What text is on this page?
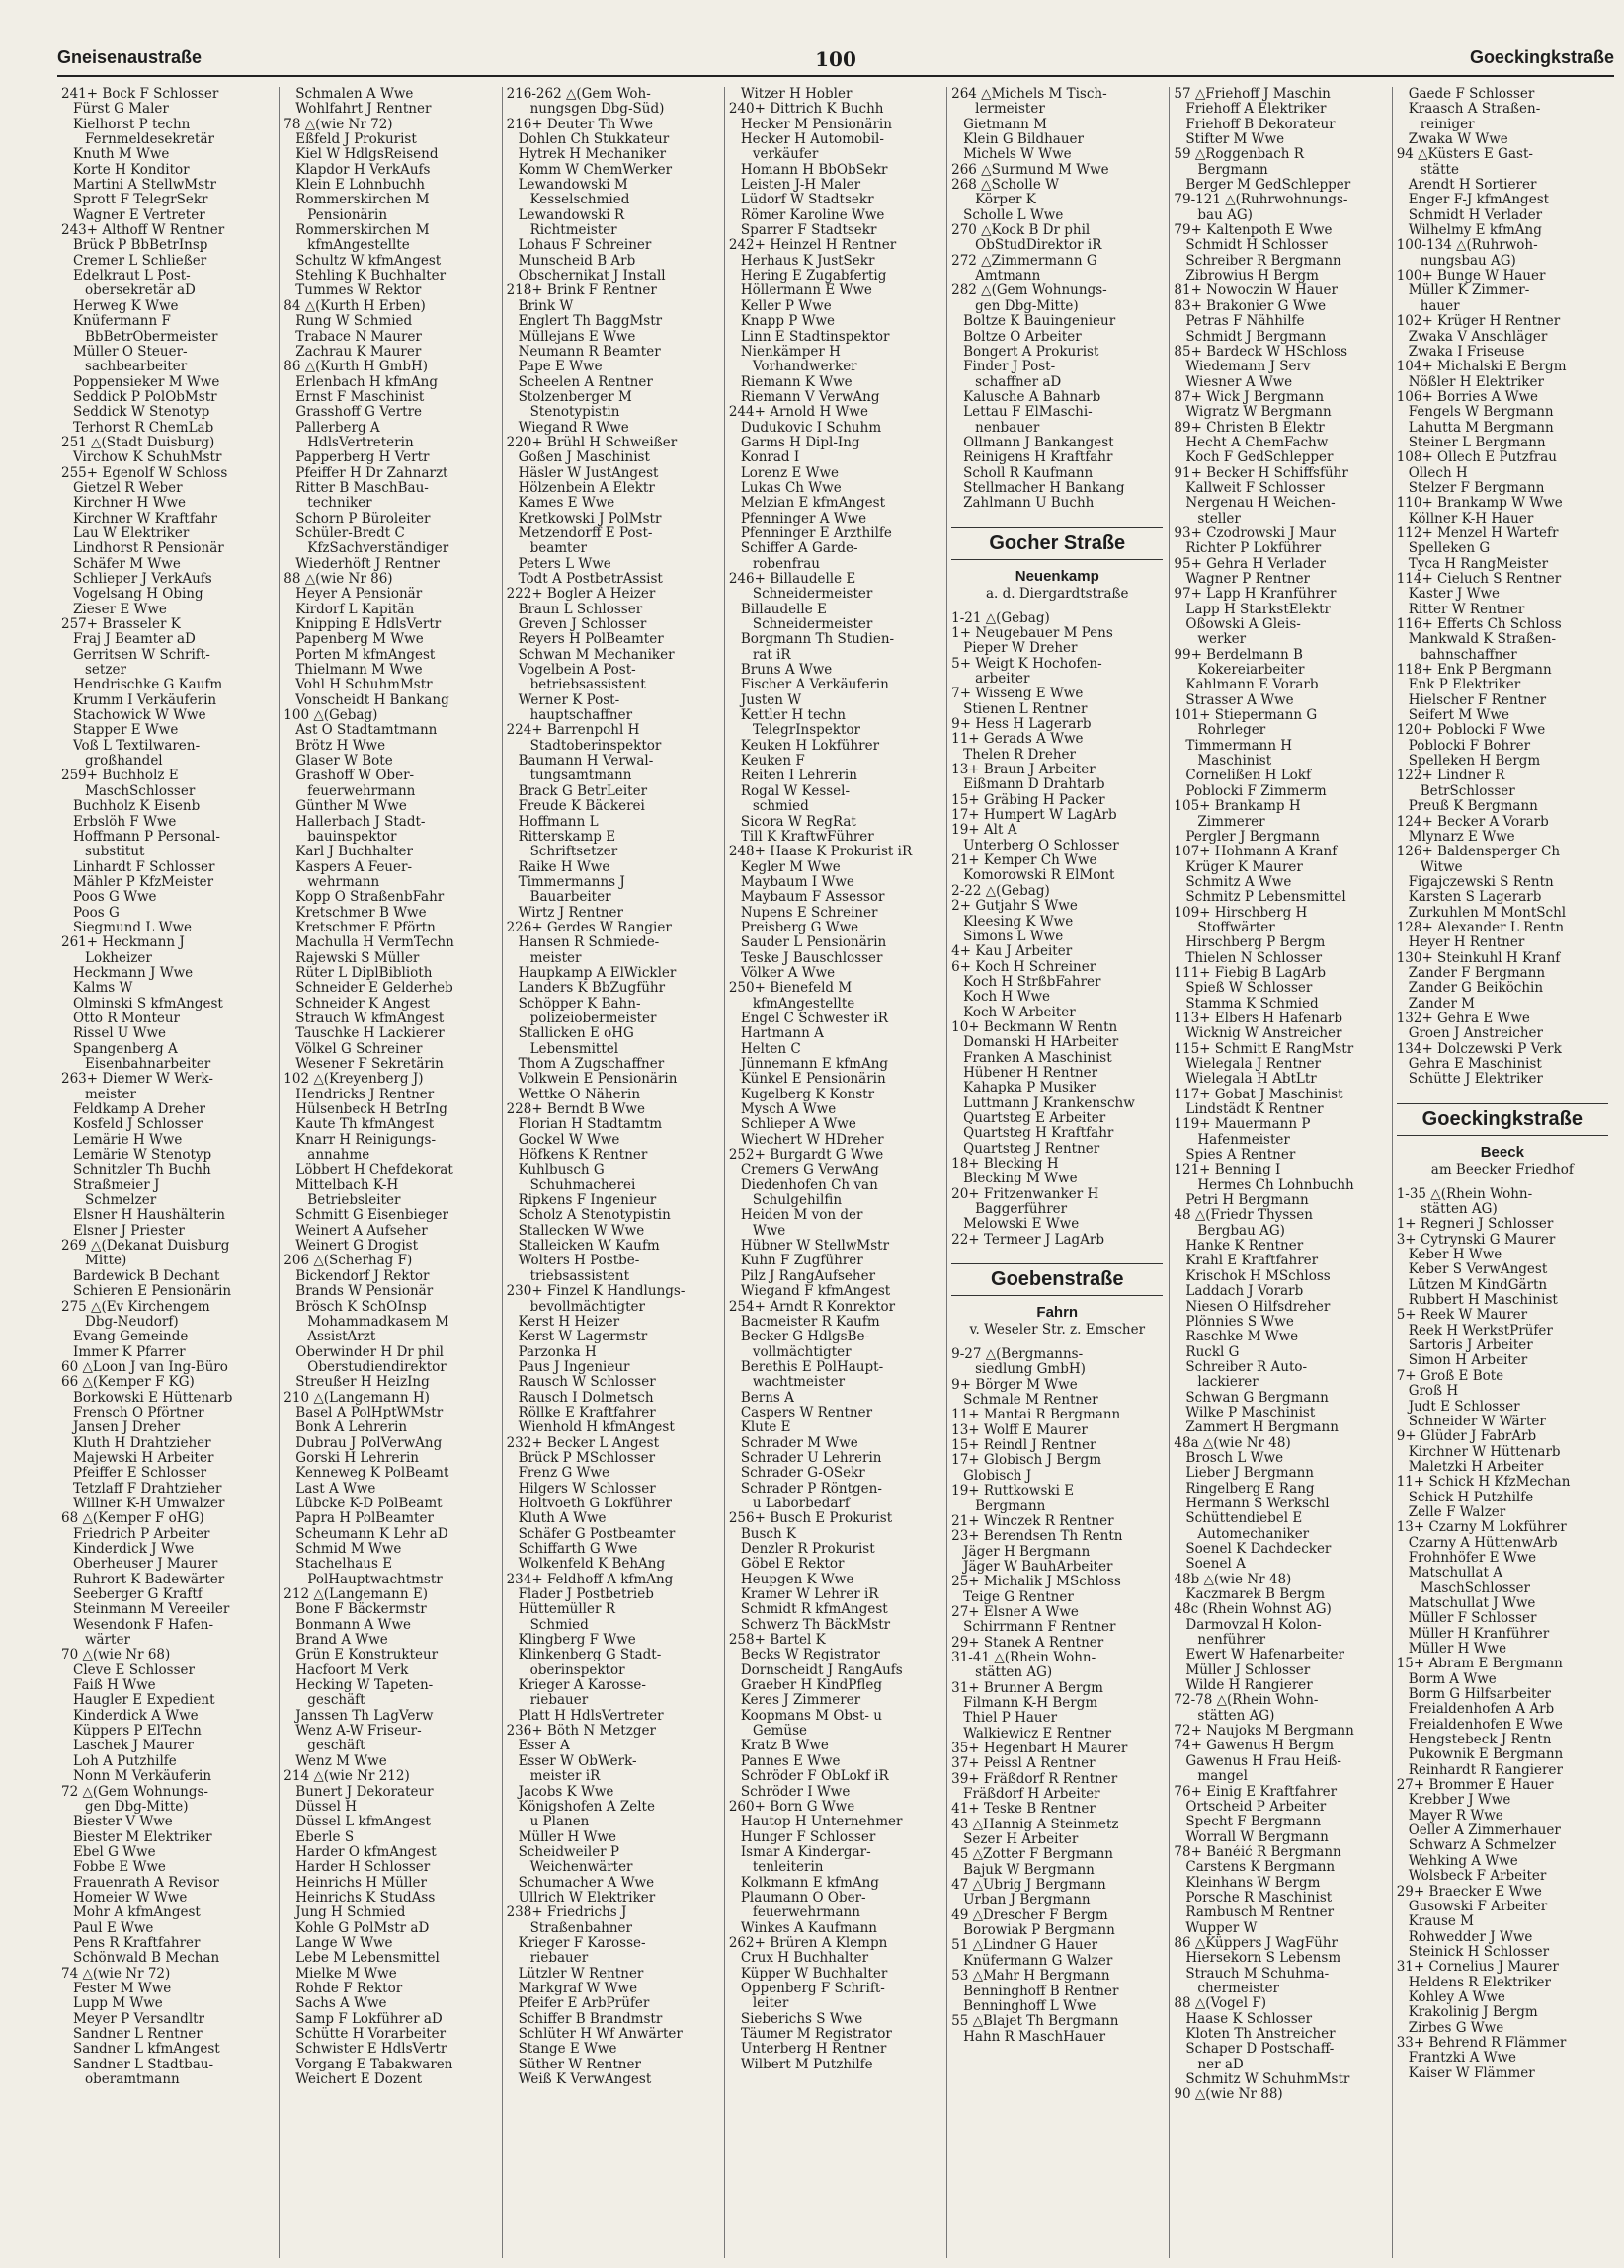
Gneisenaustraße	100	Goeckingkstraße
241+ Bock F Schlosser
Fürst G Maler
Kielhorst P techn
Fernmeldesekretär
Knuth M Wwe
Korte H Konditor
Martini A StellwMstr
Sprott F TelegrSekr
Wagner E Vertreter
243+ Althoff W Rentner
Brück P BbBetrInsp
Cremer L Schließer
Edelkraut L Post-
obersekretär aD
Herweg K Wwe
Knüfermann F
BbBetrObermeister
Müller O Steuer-
sachbearbeiter
Poppensieker M Wwe
Seddick P PolObMstr
Seddick W Stenotyp
Terhorst R ChemLab
251 △(Stadt Duisburg)
Virchow K SchuhMstr
255+ Egenolf W Schloss
Gietzel R Weber
Kirchner H Wwe
Kirchner W Kraftfahr
Lau W Elektriker
Lindhorst R Pensionär
Schäfer M Wwe
Schlieper J VerkAufs
Vogelsang H Obing
Zieser E Wwe
257+ Brasseler K
Fraj J Beamter aD
Gerritsen W Schrift-
setzer
Hendrischke G Kaufm
Krumm I Verkäuferin
Stachowick W Wwe
Stapper E Wwe
Voß L Textilwaren-
großhandel
259+ Buchholz E
MaschSchlosser
Buchholz K Eisenb
Erbslöh F Wwe
Hoffmann P Personal-
substitut
Linhardt F Schlosser
Mähler P KfzMeister
Poos G Wwe
Poos G
Siegmund L Wwe
261+ Heckmann J
Lokheizer
Heckmann J Wwe
Kalms W
Olminski S kfmAngest
Otto R Monteur
Rissel U Wwe
Spangenberg A
Eisenbahnarbeiter
263+ Diemer W Werk-
meister
Feldkamp A Dreher
Kosfeld J Schlosser
Lemärie H Wwe
Lemärie W Stenotyp
Schnitzler Th Buchh
Straßmeier J
Schmelzer
Elsner H Haushälterin
Elsner J Priester
269 △(Dekanat Duisburg
Mitte)
Bardewick B Dechant
Schieren E Pensionärin
275 △(Ev Kirchengem
Dbg-Neudorf)
Evang Gemeinde
Immer K Pfarrer
60 △Loon J van Ing-Büro
66 △(Kemper F KG)
Borkowski E Hüttenarb
Frensch O Pförtner
Jansen J Dreher
Kluth H Drahtzieher
Majewski H Arbeiter
Pfeiffer E Schlosser
Tetzlaff F Drahtzieher
Willner K-H Umwalzer
68 △(Kemper F oHG)
Friedrich P Arbeiter
Kinderdick J Wwe
Oberheuser J Maurer
Ruhrort K Badewärter
Seeberger G Kraftf
Steinmann M Vereeiler
Wesendonk F Hafen-
wärter
70 △(wie Nr 68)
Cleve E Schlosser
Faiß H Wwe
Haugler E Expedient
Kinderdick A Wwe
Küppers P ElTechn
Laschek J Maurer
Loh A Putzhilfe
Nonn M Verkäuferin
72 △(Gem Wohnungs-
gen Dbg-Mitte)
Biester V Wwe
Biester M Elektriker
Ebel G Wwe
Fobbe E Wwe
Frauenrath A Revisor
Homeier W Wwe
Mohr A kfmAngest
Paul E Wwe
Pens R Kraftfahrer
Schönwald B Mechan
74 △(wie Nr 72)
Fester M Wwe
Lupp M Wwe
Meyer P Versandltr
Sandner L Rentner
Sandner L kfmAngest
Sandner L Stadtbau-
oberamtmann
Schmalen A Wwe
Wohlfahrt J Rentner
78 △(wie Nr 72)
Eßfeld J Prokurist
Kiel W HdlgsReisend
Klapdor H VerkAufs
Klein E Lohnbuchh
Rommerskirchen M
Pensionärin
Rommerskirchen M
kfmAngestellte
Schultz W kfmAngest
Stehling K Buchhalter
Tummes W Rektor
84 △(Kurth H Erben)
Rung W Schmied
Trabace N Maurer
Zachrau K Maurer
86 △(Kurth H GmbH)
Erlenbach H kfmAng
Ernst F Maschinist
Grasshoff G Vertre
Pallerberg A
HdlsVertreterin
Papperberg H Vertr
Pfeiffer H Dr Zahnarzt
Ritter B MaschBau-
techniker
Schorn P Büroleiter
Schüler-Bredt C
KfzSachverständiger
Wiederhöft J Rentner
88 △(wie Nr 86)
Heyer A Pensionär
Kirdorf L Kapitän
Knipping E HdlsVertr
Papenberg M Wwe
Porten M kfmAngest
Thielmann M Wwe
Vohl H SchuhmMstr
Vonscheidt H Bankang
100 △(Gebag)
Ast O Stadtamtmann
Brötz H Wwe
Glaser W Bote
Grashoff W Ober-
feuerwehrmann
Günther M Wwe
Hallerbach J Stadt-
bauinspektor
Karl J Buchhalter
Kaspers A Feuer-
wehrmann
Kopp O StraßenbFahr
Kretschmer B Wwe
Kretschmer E Pförtn
Machulla H VermTechn
Rajewski S Müller
Rüter L DiplBiblioth
Schneider E Gelderheb
Schneider K Angest
Strauch W kfmAngest
Tauschke H Lackierer
Völkel G Schreiner
Wesener F Sekretärin
102 △(Kreyenberg J)
Hendricks J Rentner
Hülsenbeck H BetrIng
Kaute Th kfmAngest
Knarr H Reinigungs-
annahme
Löbbert H Chefdekorat
Mittelbach K-H
Betriebsleiter
Schmitt G Eisenbieger
Weinert A Aufseher
Weinert G Drogist
206 △(Scherhag F)
Bickendorf J Rektor
Brands W Pensionär
Brösch K SchOInsp
Mohammadkasem M
AssistArzt
Oberwinder H Dr phil
Oberstudiendirektor
Streußer H HeizIng
210 △(Langemann H)
Basel A PolHptWMstr
Bonk A Lehrerin
Dubrau J PolVerwAng
Gorski H Lehrerin
Kenneweg K PolBeamt
Last A Wwe
Lübcke K-D PolBeamt
Papra H PolBeamter
Scheumann K Lehr aD
Schmid M Wwe
Stachelhaus E
PolHauptwachtmstr
212 △(Langemann E)
Bone F Bäckermstr
Bonmann A Wwe
Brand A Wwe
Grün E Konstrukteur
Hacfoort M Verk
Hecking W Tapeten-
geschäft
Janssen Th LagVerw
Wenz A-W Friseur-
geschäft
Wenz M Wwe
214 △(wie Nr 212)
Bunert J Dekorateur
Düssel H
Düssel L kfmAngest
Eberle S
Harder O kfmAngest
Harder H Schlosser
Heinrichs H Müller
Heinrichs K StudAss
Jung H Schmied
Kohle G PolMstr aD
Lange W Wwe
Lebe M Lebensmittel
Mielke M Wwe
Rohde F Rektor
Sachs A Wwe
Samp F Lokführer aD
Schütte H Vorarbeiter
Schwister E HdlsVertr
Vorgang E Tabakwaren
Weichert E Dozent
216-262 △(Gem Woh-
nungsgen Dbg-Süd)
216+ Deuter Th Wwe
Dohlen Ch Stukkateur
Hytrek H Mechaniker
Komm W ChemWerker
Lewandowski M
Kesselschmied
Lewandowski R
Richtmeister
Lohaus F Schreiner
Munscheid B Arb
Obschernikat J Install
218+ Brink F Rentner
Brink W
Englert Th BaggMstr
Müllejans E Wwe
Neumann R Beamter
Pape E Wwe
Scheelen A Rentner
Stolzenberger M
Stenotypistin
Wiegand R Wwe
220+ Brühl H Schweißer
Goßen J Maschinist
Häsler W JustAngest
Hölzenbein A Elektr
Kames E Wwe
Kretkowski J PolMstr
Metzendorff E Post-
beamter
Peters L Wwe
Todt A PostbetrAssist
222+ Bogler A Heizer
Braun L Schlosser
Greven J Schlosser
Reyers H PolBeamter
Schwan M Mechaniker
Vogelbein A Post-
betriebsassistent
Werner K Post-
hauptschaffner
224+ Barrenpohl H
Stadtoberinspektor
Baumann H Verwal-
tungsamtmann
Brack G BetrLeiter
Freude K Bäckerei
Hoffmann L
Ritterskamp E
Schriftsetzer
Raike H Wwe
Timmermanns J
Bauarbeiter
Wirtz J Rentner
226+ Gerdes W Rangier
Hansen R Schmiede-
meister
Haupkamp A ElWickler
Landers K BbZugführ
Schöpper K Bahn-
polizeiobermeister
Stallicken E oHG
Lebensmittel
Thom A Zugschaffner
Volkwein E Pensionärin
Wettke O Näherin
228+ Berndt B Wwe
Florian H Stadtamtm
Gockel W Wwe
Höfkens K Rentner
Kuhlbusch G
Schuhmacherei
Ripkens F Ingenieur
Scholz A Stenotypistin
Stallecken W Wwe
Stalleicken W Kaufm
Wolters H Postbe-
triebsassistent
230+ Finzel K Handlungs-
bevollmächtigter
Kerst H Heizer
Kerst W Lagermstr
Parzonka H
Paus J Ingenieur
Rausch W Schlosser
Rausch I Dolmetsch
Röllke E Kraftfahrer
Wienhold H kfmAngest
232+ Becker L Angest
Brück P MSchlosser
Frenz G Wwe
Hilgers W Schlosser
Holtvoeth G Lokführer
Kluth A Wwe
Schäfer G Postbeamter
Schiffarth G Wwe
Wolkenfeld K BehAng
234+ Feldhoff A kfmAng
Flader J Postbetrieb
Hüttemüller R
Schmied
Klingberg F Wwe
Klinkenberg G Stadt-
oberinspektor
Krieger A Karosse-
riebauer
Platt H HdlsVertreter
236+ Böth N Metzger
Esser A
Esser W ObWerk-
meister iR
Jacobs K Wwe
Königshofen A Zelte
u Planen
Müller H Wwe
Scheidweiler P
Weichenwärter
Schumacher A Wwe
Ullrich W Elektriker
238+ Friedrichs J
Straßenbahner
Krieger F Karosse-
riebauer
Lützler W Rentner
Markgraf W Wwe
Pfeifer E ArbPrüfer
Schiffer B Brandmstr
Schlüter H Wf Anwärter
Stange E Wwe
Süther W Rentner
Weiß K VerwAngest
Witzer H Hobler
240+ Dittrich K Buchh
Hecker M Pensionärin
Hecker H Automobil-
verkäufer
Homann H BbObSekr
Leisten J-H Maler
Lüdorf W Stadtsekr
Römer Karoline Wwe
Sparrer F Stadtsekr
242+ Heinzel H Rentner
Herhaus K JustSekr
Hering E Zugabfertig
Höllermann E Wwe
Keller P Wwe
Knapp P Wwe
Linn E Stadtinspektor
Nienkämper H
Vorhandwerker
Riemann K Wwe
Riemann V VerwAng
244+ Arnold H Wwe
Dudukovic I Schuhm
Garms H Dipl-Ing
Konrad I
Lorenz E Wwe
Lukas Ch Wwe
Melzian E kfmAngest
Pfenninger A Wwe
Pfenninger E Arzthilfe
Schiffer A Garde-
robenfrau
246+ Billaudelle E
Schneidermeister
Billaudelle E
Schneidermeister
Borgmann Th Studien-
rat iR
Bruns A Wwe
Fischer A Verkäuferin
Justen W
Kettler H techn
TelegrInspektor
Keuken H Lokführer
Keuken F
Reiten I Lehrerin
Rogal W Kessel-
schmied
Sicora W RegRat
Till K KraftwFührer
248+ Haase K Prokurist iR
Kegler M Wwe
Maybaum I Wwe
Maybaum F Assessor
Nupens E Schreiner
Preisberg G Wwe
Sauder L Pensionärin
Teske J Bauschlosser
Völker A Wwe
250+ Bienefeld M
kfmAngestellte
Engel C Schwester iR
Hartmann A
Helten C
Jünnemann E kfmAng
Künkel E Pensionärin
Kugelberg K Konstr
Mysch A Wwe
Schlieper A Wwe
Wiechert W HDreher
252+ Burgardt G Wwe
Cremers G VerwAng
Diedenhofen Ch van
Schulgehilfin
Heiden M von der
Wwe
Hübner W StellwMstr
Kuhn F Zugführer
Pilz J RangAufseher
Wiegand F kfmAngest
254+ Arndt R Konrektor
Bacmeister R Kaufm
Becker G HdlgsBe-
vollmächtigter
Berethis E PolHaupt-
wachtmeister
Berns A
Caspers W Rentner
Klute E
Schrader M Wwe
Schrader U Lehrerin
Schrader G-OSekr
Schrader P Röntgen-
u Laborbedarf
256+ Busch E Prokurist
Busch K
Denzler R Prokurist
Göbel E Rektor
Heupgen K Wwe
Kramer W Lehrer iR
Schmidt R kfmAngest
Schwerz Th BäckMstr
258+ Bartel K
Becks W Registrator
Dornscheidt J RangAufs
Graeber H KindPfleg
Keres J Zimmerer
Koopmans M Obst- u
Gemüse
Kratz B Wwe
Pannes E Wwe
Schröder F ObLokf iR
Schröder I Wwe
260+ Born G Wwe
Hautop H Unternehmer
Hunger F Schlosser
Ismar A Kindergar-
tenleiterin
Kolkmann E kfmAng
Plaumann O Ober-
feuerwehrmann
Winkes A Kaufmann
262+ Brüren A Klempn
Crux H Buchhalter
Küpper W Buchhalter
Oppenberg F Schrift-
leiter
Sieberichs S Wwe
Täumer M Registrator
Unterberg H Rentner
Wilbert M Putzhilfe
264 △Michels M Tisch-
lermeister
Gietmann M
Klein G Bildhauer
Michels W Wwe
266 △Surmund M Wwe
268 △Scholle W
Körper K
Scholle L Wwe
270 △Kock B Dr phil
ObStudDirektor iR
272 △Zimmermann G
Amtmann
282 △(Gem Wohnungs-
gen Dbg-Mitte)
Boltze K Bauingenieur
Boltze O Arbeiter
Bongert A Prokurist
Finder J Post-
schaffner aD
Kalusche A Bahnarb
Lettau F ElMaschi-
nenbauer
Ollmann J Bankangest
Reinigens H Kraftfahr
Scholl R Kaufmann
Stellmacher H Bankang
Zahlmann U Buchh
Gocher Straße
Neuenkamp
a. d. Diergardtstraße
1-21 △(Gebag)
1+ Neugebauer M Pens
Pieper W Dreher
5+ Weigt K Hochofen-
arbeiter
7+ Wisseng E Wwe
Stienen L Rentner
9+ Hess H Lagerarb
11+ Gerads A Wwe
Thelen R Dreher
13+ Braun J Arbeiter
Eißmann D Drahtarb
15+ Gräbing H Packer
17+ Humpert W LagArb
19+ Alt A
Unterberg O Schlosser
21+ Kemper Ch Wwe
Komorowski R ElMont
2-22 △(Gebag)
2+ Gutjahr S Wwe
Kleesing K Wwe
Simons L Wwe
4+ Kau J Arbeiter
6+ Koch H Schreiner
Koch H StrßbFahrer
Koch H Wwe
Koch W Arbeiter
10+ Beckmann W Rentn
Domanski H HArbeiter
Franken A Maschinist
Hübener H Rentner
Kahapka P Musiker
Luttmann J Krankenschw
Quartsteg E Arbeiter
Quartsteg H Kraftfahr
Quartsteg J Rentner
18+ Blecking H
Blecking M Wwe
20+ Fritzenwanker H
Baggerführer
Melowski E Wwe
22+ Termeer J LagArb
Goebenstraße
Fahrn
v. Weseler Str. z. Emscher
9-27 △(Bergmanns-
siedlung GmbH)
9+ Börger M Wwe
Schmale M Rentner
11+ Mantai R Bergmann
13+ Wolff E Maurer
15+ Reindl J Rentner
17+ Globisch J Bergm
Globisch J
19+ Ruttkowski E
Bergmann
21+ Winczek R Rentner
23+ Berendsen Th Rentn
Jäger H Bergmann
Jäger W BauhArbeiter
25+ Michalik J MSchloss
Teige G Rentner
27+ Elsner A Wwe
Schirrmann F Rentner
29+ Stanek A Rentner
31-41 △(Rhein Wohn-
stätten AG)
31+ Brunner A Bergm
Filmann K-H Bergm
Thiel P Hauer
Walkiewicz E Rentner
35+ Hegenbart H Maurer
37+ Peissl A Rentner
39+ Fräßdorf R Rentner
Fräßdorf H Arbeiter
41+ Teske B Rentner
43 △Hannig A Steinmetz
Sezer H Arbeiter
45 △Zotter F Bergmann
Bajuk W Bergmann
47 △Übrig J Bergmann
Urban J Bergmann
49 △Drescher F Bergm
Borowiak P Bergmann
51 △Lindner G Hauer
Knüfermann G Walzer
53 △Mahr H Bergmann
Benninghoff B Rentner
Benninghoff L Wwe
55 △Blajet Th Bergmann
Hahn R MaschHauer
57 △Friehoff J Maschin
Friehoff A Elektriker
Friehoff B Dekorateur
Stifter M Wwe
59 △Roggenbach R
Bergmann
Berger M GedSchlepper
79-121 △(Ruhrwohnungs-
bau AG)
79+ Kaltenpoth E Wwe
Schmidt H Schlosser
Schreiber R Bergmann
Zibrowius H Bergm
81+ Nowoczin W Hauer
83+ Brakonier G Wwe
Petras F Nähhilfe
Schmidt J Bergmann
85+ Bardeck W HSchloss
Wiedemann J Serv
Wiesner A Wwe
87+ Wick J Bergmann
Wigratz W Bergmann
89+ Christen B Elektr
Hecht A ChemFachw
Koch F GedSchlepper
91+ Becker H Schiffsführ
Kallweit F Schlosser
Nergenau H Weichen-
steller
93+ Czodrowski J Maur
Richter P Lokführer
95+ Gehra H Verlader
Wagner P Rentner
97+ Lapp H Kranführer
Lapp H StarkstElektr
Oßowski A Gleis-
werker
99+ Berdelmann B
Kokereiarbeiter
Kahlmann E Vorarb
Strasser A Wwe
101+ Stiepermann G
Rohrleger
Timmermann H
Maschinist
Cornelißen H Lokf
Poblocki F Zimmerm
105+ Brankamp H
Zimmerer
Pergler J Bergmann
107+ Hohmann A Kranf
Krüger K Maurer
Schmitz A Wwe
Schmitz P Lebensmittel
109+ Hirschberg H
Stoffwärter
Hirschberg P Bergm
Thielen N Schlosser
111+ Fiebig B LagArb
Spieß W Schlosser
Stamma K Schmied
113+ Elbers H Hafenarb
Wicknig W Anstreicher
115+ Schmitt E RangMstr
Wielegala J Rentner
Wielegala H AbtLtr
117+ Gobat J Maschinist
Lindstädt K Rentner
119+ Mauermann P
Hafenmeister
Spies A Rentner
121+ Benning I
Hermes Ch Lohnbuchh
Petri H Bergmann
48 △(Friedr Thyssen
Bergbau AG)
Hanke K Rentner
Krahl E Kraftfahrer
Krischok H MSchloss
Laddach J Vorarb
Niesen O Hilfsdreher
Plönnies S Wwe
Raschke M Wwe
Ruckl G
Schreiber R Auto-
lackierer
Schwan G Bergmann
Wilke P Maschinist
Zammert H Bergmann
48a △(wie Nr 48)
Brosch L Wwe
Lieber J Bergmann
Ringelberg E Rang
Hermann S Werkschl
Schüttendiebel E
Automechaniker
Soenel K Dachdecker
Soenel A
48b △(wie Nr 48)
Kaczmarek B Bergm
48c (Rhein Wohnst AG)
Darmovzal H Kolon-
nenführer
Ewert W Hafenarbeiter
Müller J Schlosser
Wilde H Rangierer
72-78 △(Rhein Wohn-
stätten AG)
72+ Naujoks M Bergmann
74+ Gawenus H Bergm
Gawenus H Frau Heiß-
mangel
76+ Einig E Kraftfahrer
Ortscheid P Arbeiter
Specht F Bergmann
Worrall W Bergmann
78+ Banéić R Bergmann
Carstens K Bergmann
Kleinhans W Bergm
Porsche R Maschinist
Rambusch M Rentner
Wupper W
86 △Küppers J WagFühr
Hiersekorn S Lebensm
Strauch M Schuhma-
chermeister
88 △(Vogel F)
Haase K Schlosser
Kloten Th Anstreicher
Schaper D Postschaff-
ner aD
Schmitz W SchuhmMstr
90 △(wie Nr 88)
Gaede F Schlosser
Kraasch A Straßen-
reiniger
Zwaka W Wwe
94 △Küsters E Gast-
stätte
Arendt H Sortierer
Enger F-J kfmAngest
Schmidt H Verlader
Wilhelmy E kfmAng
100-134 △(Ruhrwoh-
nungsbau AG)
100+ Bunge W Hauer
Müller K Zimmer-
hauer
102+ Krüger H Rentner
Zwaka V Anschläger
Zwaka I Friseuse
104+ Michalski E Bergm
Nößler H Elektriker
106+ Borries A Wwe
Fengels W Bergmann
Lahutta M Bergmann
Steiner L Bergmann
108+ Ollech E Putzfrau
Ollech H
Stelzer F Bergmann
110+ Brankamp W Wwe
Köllner K-H Hauer
112+ Menzel H Wartefr
Spelleken G
Tyca H RangMeister
114+ Cieluch S Rentner
Kaster J Wwe
Ritter W Rentner
116+ Efferts Ch Schloss
Mankwald K Straßen-
bahnschaffner
118+ Enk P Bergmann
Enk P Elektriker
Hielscher F Rentner
Seifert M Wwe
120+ Poblocki F Wwe
Poblocki F Bohrer
Spelleken H Bergm
122+ Lindner R
BetrSchlosser
Preuß K Bergmann
124+ Becker A Vorarb
Mlynarz E Wwe
126+ Baldensperger Ch
Witwe
Figajczewski S Rentn
Karsten S Lagerarb
Zurkuhlen M MontSchl
128+ Alexander L Rentn
Heyer H Rentner
130+ Steinkuhl H Kranf
Zander F Bergmann
Zander G Beiköchin
Zander M
132+ Gehra E Wwe
Groen J Anstreicher
134+ Dolczewski P Verk
Gehra E Maschinist
Schütte J Elektriker
Goeckingkstraße
Beeck
am Beecker Friedhof
1-35 △(Rhein Wohn-
stätten AG)
1+ Regneri J Schlosser
3+ Cytrynski G Maurer
Keber H Wwe
Keber S VerwAngest
Lützen M KindGärtn
Rubbert H Maschinist
5+ Reek W Maurer
Reek H WerkstPrüfer
Sartoris J Arbeiter
Simon H Arbeiter
7+ Groß E Bote
Groß H
Judt E Schlosser
Schneider W Wärter
9+ Glüder J FabrArb
Kirchner W Hüttenarb
Maletzki H Arbeiter
11+ Schick H KfzMechan
Schick H Putzhilfe
Zelle F Walzer
13+ Czarny M Lokführer
Czarny A HüttenwArb
Frohnhöfer E Wwe
Matschullat A
MaschSchlosser
Matschullat J Wwe
Müller F Schlosser
Müller H Kranführer
Müller H Wwe
15+ Abram E Bergmann
Borm A Wwe
Borm G Hilfsarbeiter
Freialdenhofen A Arb
Freialdenhofen E Wwe
Hengstebeck J Rentn
Pukownik E Bergmann
Reinhardt R Rangierer
27+ Brommer E Hauer
Krebber J Wwe
Mayer R Wwe
Oeller A Zimmerhauer
Schwarz A Schmelzer
Wehking A Wwe
Wolsbeck F Arbeiter
29+ Braecker E Wwe
Gusowski F Arbeiter
Krause M
Rohwedder J Wwe
Steinick H Schlosser
31+ Cornelius J Maurer
Heldens R Elektriker
Kohley A Wwe
Krakolinig J Bergm
Zirbes G Wwe
33+ Behrend R Flämmer
Frantzki A Wwe
Kaiser W Flämmer
